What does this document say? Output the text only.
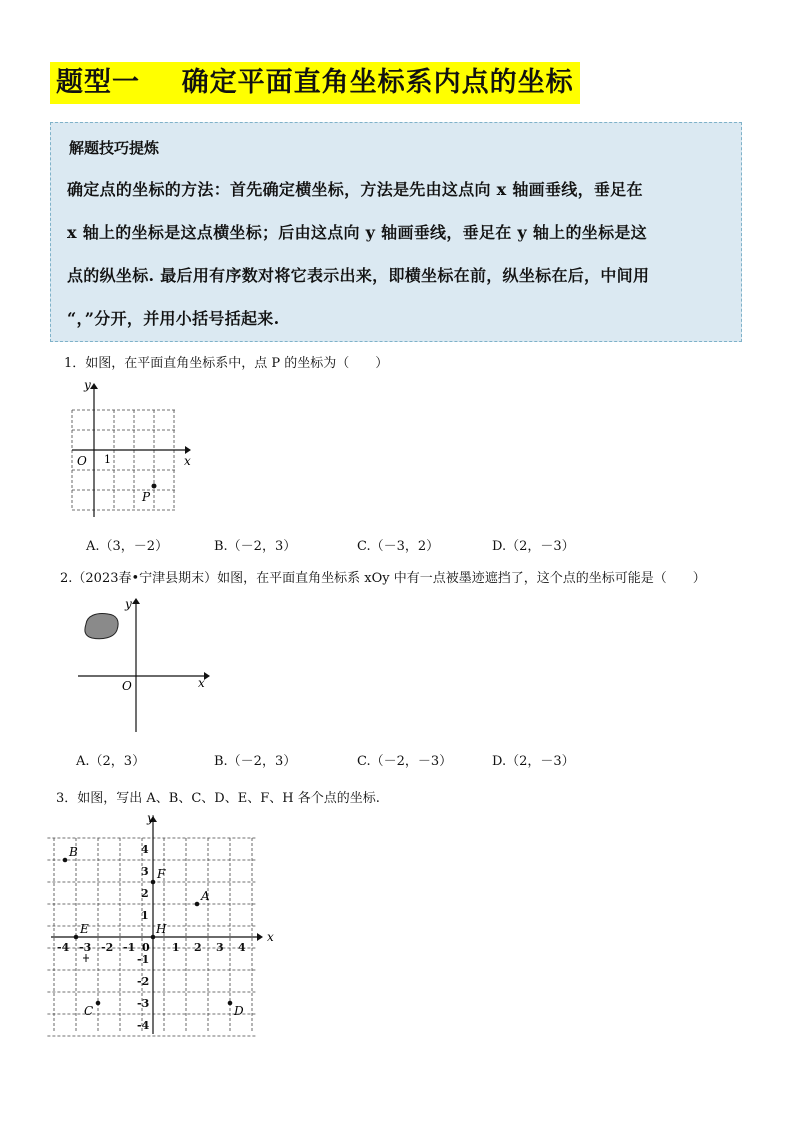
题型一    确定平面直角坐标系内点的坐标
解题技巧提炼
确定点的坐标的方法：首先确定横坐标，方法是先由这点向 x 轴画垂线，垂足在
x 轴上的坐标是这点横坐标；后由这点向 y 轴画垂线，垂足在 y 轴上的坐标是这
点的纵坐标. 最后用有序数对将它表示出来，即横坐标在前，纵坐标在后，中间用
“，”分开，并用小括号括起来.
1．如图，在平面直角坐标系中，点 P 的坐标为（　　）
x
y
O 1
P
A.（3，－2）	B.（－2，3）	C.（－3，2）	D.（2，－3）
2.（2023春•宁津县期末）如图，在平面直角坐标系 xOy 中有一点被墨迹遮挡了，这个点的坐标可能是（　　）
x
y
O
A.（2，3）	B.（－2，3）	C.（－2，－3）	D.（2，－3）
3．如图，写出 A、B、C、D、E、F、H 各个点的坐标.
x
y
0
-4 -3 -2 -1	1 2 3 4
4
3
2
1
-1
-2
-3
-4
A
B
C	D
E
F
H
